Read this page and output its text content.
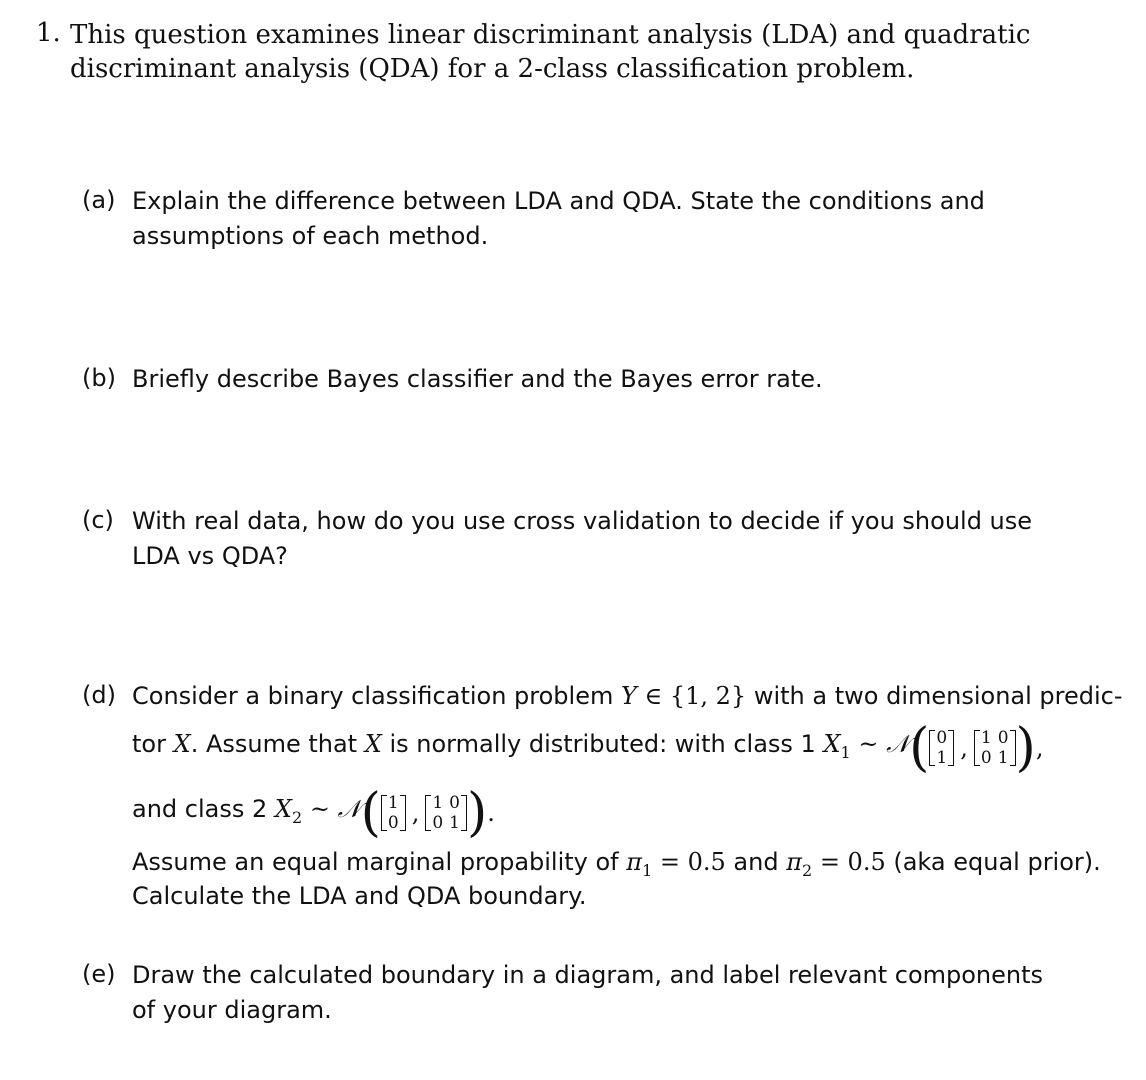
1. This question examines linear discriminant analysis (LDA) and quadratic discriminant analysis (QDA) for a 2-class classification problem.
(a) Explain the difference between LDA and QDA. State the conditions and assumptions of each method.
(b) Briefly describe Bayes classifier and the Bayes error rate.
(c) With real data, how do you use cross validation to decide if you should use LDA vs QDA?
(d) Consider a binary classification problem Y ∈ {1, 2} with a two dimensional predic-
tor X. Assume that X is normally distributed: with class 1 $X_1$ ~ 𝒩 ( 0
1 , 1	0
0	1 ) ,
and class 2 $X_2$ ~ 𝒩 ( 1
0 , 1	0
0	1 ) .
Assume an equal marginal propability of $\pi_1 = 0.5$ and $\pi_2 = 0.5$ (aka equal prior).
Calculate the LDA and QDA boundary.
(e) Draw the calculated boundary in a diagram, and label relevant components of your diagram.
